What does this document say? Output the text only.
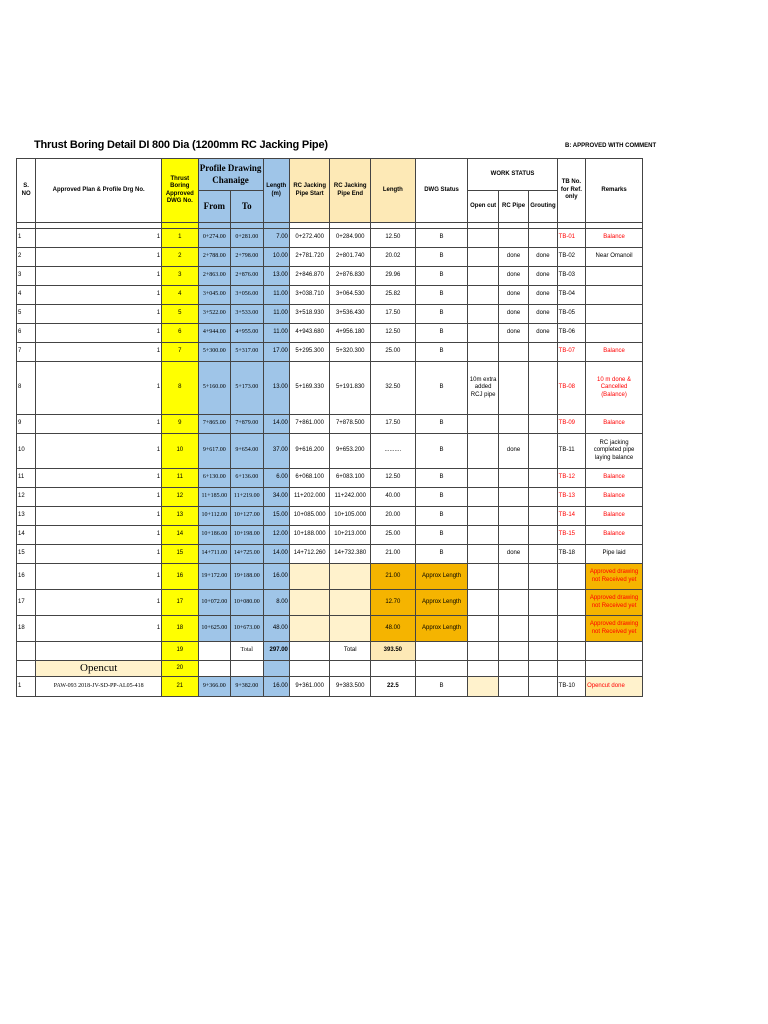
Thrust Boring Detail DI 800 Dia (1200mm RC Jacking Pipe)	B: APPROVED WITH COMMENT
S. NO	Approved Plan & Profile Drg No.	Thrust Boring Approved DWG No.	Profile Drawing Chanaige		Length (m)	RC Jacking Pipe Start	RC Jacking Pipe End	Length	DWG Status	WORK STATUS			TB No. for Ref. only	Remarks
			From	To						Open cut	RC Pipe	Grouting		

1	1	1	0+274.00	0+281.00	7.00	0+272.400	0+284.900	12.50	B				TB-01	Balance
2	1	2	2+788.00	2+798.00	10.00	2+781.720	2+801.740	20.02	B		done	done	TB-02	Near Omanoil
3	1	3	2+863.00	2+876.00	13.00	2+846.870	2+876.830	29.96	B		done	done	TB-03	
4	1	4	3+045.00	3+056.00	11.00	3+038.710	3+064.530	25.82	B		done	done	TB-04	
5	1	5	3+522.00	3+533.00	11.00	3+518.930	3+536.430	17.50	B		done	done	TB-05	
6	1	6	4+944.00	4+955.00	11.00	4+943.680	4+956.180	12.50	B		done	done	TB-06	
7	1	7	5+300.00	5+317.00	17.00	5+295.300	5+320.300	25.00	B				TB-07	Balance
8	1	8	5+160.00	5+173.00	13.00	5+169.330	5+191.830	32.50	B	10m extra added RCJ pipe			TB-08	10 m done & Cancelled (Balance)
9	1	9	7+865.00	7+879.00	14.00	7+861.000	7+878.500	17.50	B				TB-09	Balance
10	1	10	9+617.00	9+654.00	37.00	9+616.200	9+653.200	..........	B		done		TB-11	RC jacking completed pipe laying balance
11	1	11	6+130.00	6+136.00	6.00	6+068.100	6+083.100	12.50	B				TB-12	Balance
12	1	12	11+185.00	11+219.00	34.00	11+202.000	11+242.000	40.00	B				TB-13	Balance
13	1	13	10+112.00	10+127.00	15.00	10+085.000	10+105.000	20.00	B				TB-14	Balance
14	1	14	10+186.00	10+198.00	12.00	10+188.000	10+213.000	25.00	B				TB-15	Balance
15	1	15	14+711.00	14+725.00	14.00	14+712.260	14+732.380	21.00	B		done		TB-18	Pipe laid
16	1	16	19+172.00	19+188.00	16.00			21.00	Approx Length					Approved drawing not Received yet
17	1	17	10+072.00	10+080.00	8.00			12.70	Approx Length					Approved drawing not Received yet
18	1	18	10+625.00	10+673.00	48.00			48.00	Approx Length					Approved drawing not Received yet
		19		Total	297.00		Total	393.50						
	Opencut	20												
1	PAW-093 2018-JV-SD-PP-AL05-418	21	9+366.00	9+382.00	16.00	9+361.000	9+383.500	22.5	B				TB-10	Opencut done
